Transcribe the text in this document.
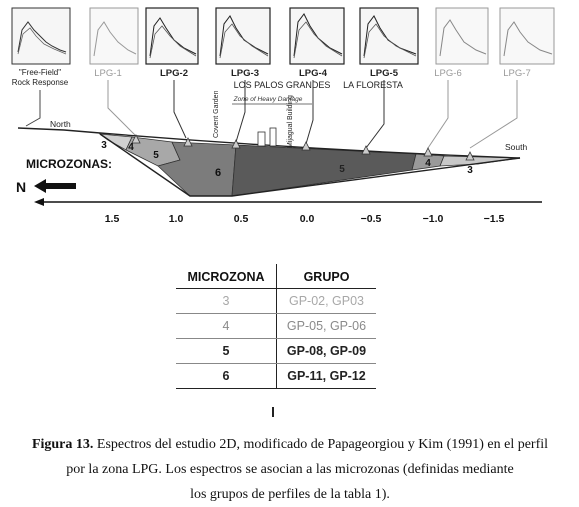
"Free-Field"
Rock Response
LPG-1	LPG-2	LPG-3	LPG-4	LPG-5	LPG-6	LPG-7
LOS PALOS GRANDES LA FLORESTA
Zone of Heavy Damage
Covent Garden	Mijagual Building
North
South
3 4
5
6	5
4
3
MICROZONAS:
N
1.5	1.0	0.5	0.0	−0.5	−1.0	−1.5
MICROZONA	GRUPO
3	GP-02, GP03
4	GP-05, GP-06
5	GP-08, GP-09
6	GP-11, GP-12

Figura 13. Espectros del estudio 2D, modificado de Papageorgiou y Kim (1991) en el perfil

por la zona LPG. Los espectros se asocian a las microzonas (definidas mediante

los grupos de perfiles de la tabla 1).
